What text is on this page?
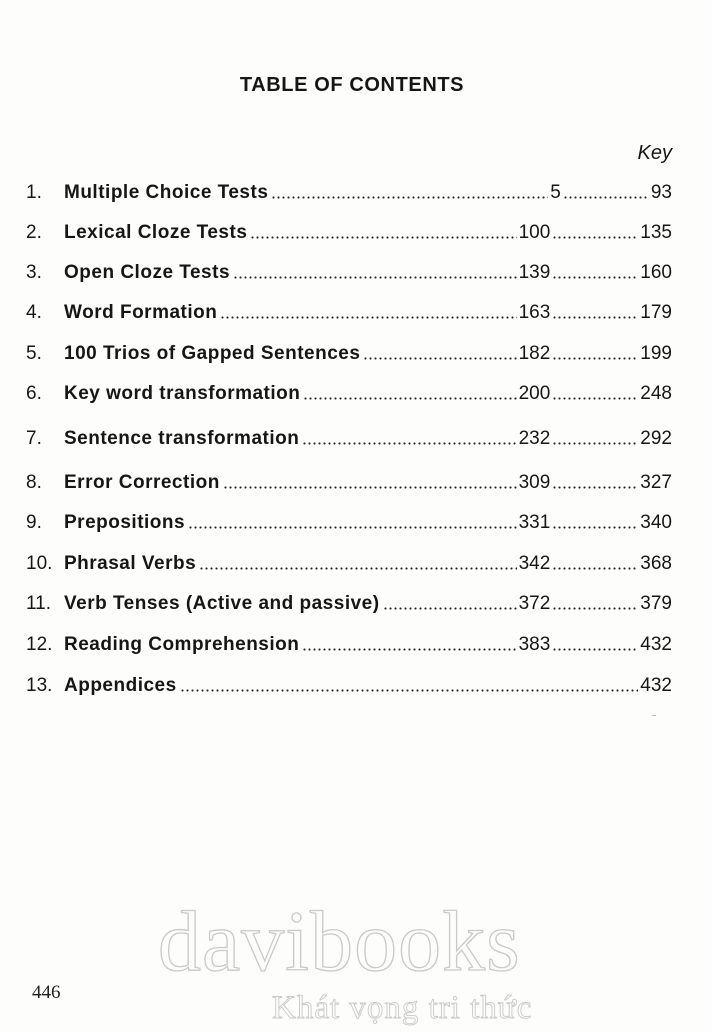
TABLE OF CONTENTS
Key
1.	Multiple Choice Tests	5	93
2.	Lexical Cloze Tests	100	135
3.	Open Cloze Tests	139	160
4.	Word Formation	163	179
5.	100 Trios of Gapped Sentences	182	199
6.	Key word transformation	200	248
7.	Sentence transformation	232	292
8.	Error Correction	309	327
9.	Prepositions	331	340
10. Phrasal Verbs	342	368
11. Verb Tenses (Active and passive)	372	379
12. Reading Comprehension	383	432
13. Appendices	432
davibooks
Khát vọng tri thức
446
